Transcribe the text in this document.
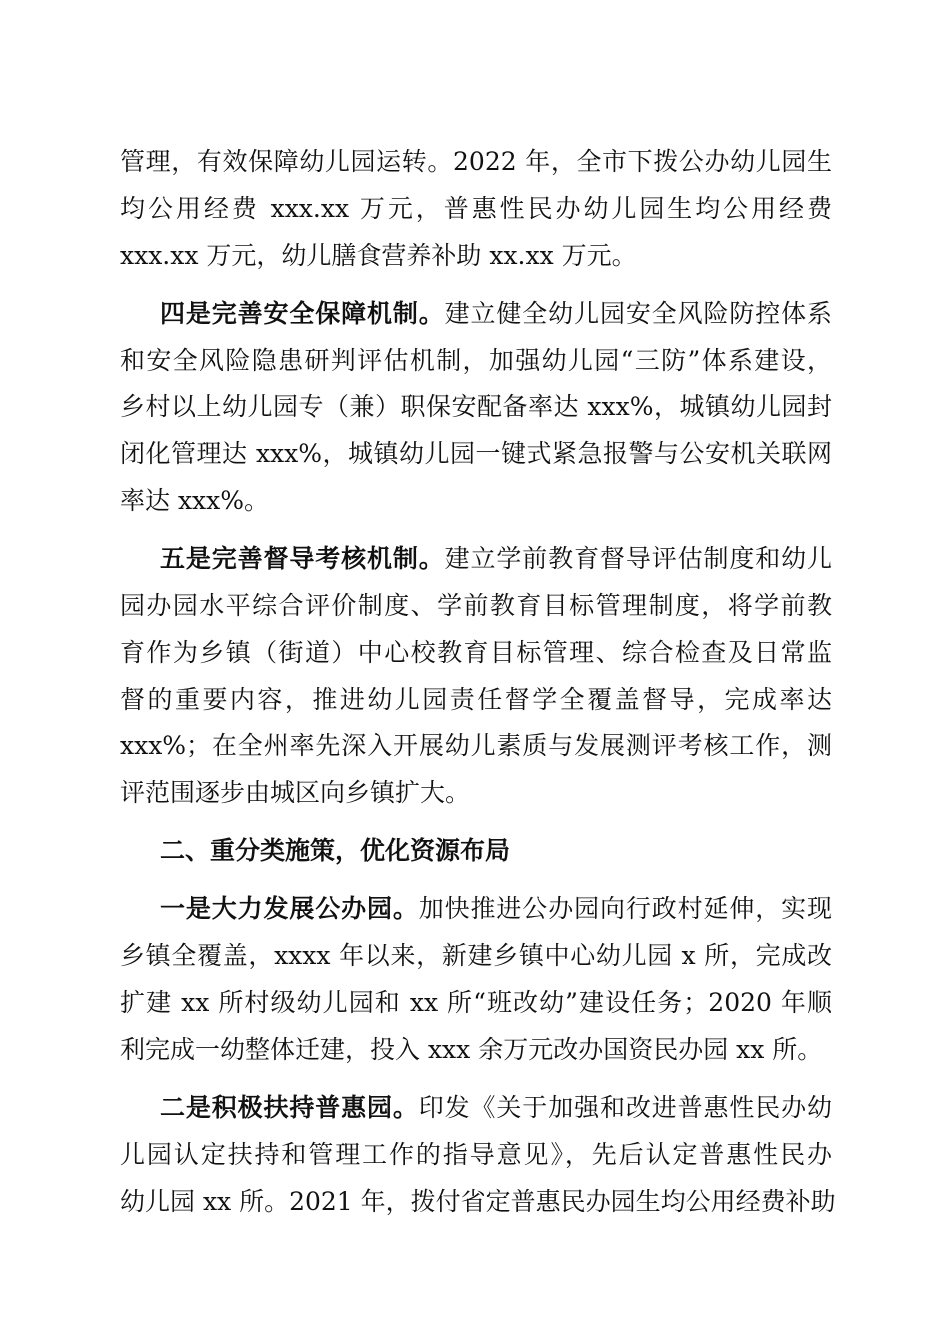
管理，有效保障幼儿园运转。2022 年，全市下拨公办幼儿园生
均公用经费 xxx.xx 万元，普惠性民办幼儿园生均公用经费
xxx.xx 万元，幼儿膳食营养补助 xx.xx 万元。
四是完善安全保障机制。建立健全幼儿园安全风险防控体系
和安全风险隐患研判评估机制，加强幼儿园“三防”体系建设，
乡村以上幼儿园专（兼）职保安配备率达 xxx%，城镇幼儿园封
闭化管理达 xxx%，城镇幼儿园一键式紧急报警与公安机关联网
率达 xxx%。
五是完善督导考核机制。建立学前教育督导评估制度和幼儿
园办园水平综合评价制度、学前教育目标管理制度，将学前教
育作为乡镇（街道）中心校教育目标管理、综合检查及日常监
督的重要内容，推进幼儿园责任督学全覆盖督导，完成率达
xxx%；在全州率先深入开展幼儿素质与发展测评考核工作，测
评范围逐步由城区向乡镇扩大。
二、重分类施策，优化资源布局
一是大力发展公办园。加快推进公办园向行政村延伸，实现
乡镇全覆盖，xxxx 年以来，新建乡镇中心幼儿园 x 所，完成改
扩建 xx 所村级幼儿园和 xx 所“班改幼”建设任务；2020 年顺
利完成一幼整体迁建，投入 xxx 余万元改办国资民办园 xx 所。
二是积极扶持普惠园。印发《关于加强和改进普惠性民办幼
儿园认定扶持和管理工作的指导意见》，先后认定普惠性民办
幼儿园 xx 所。2021 年，拨付省定普惠民办园生均公用经费补助
